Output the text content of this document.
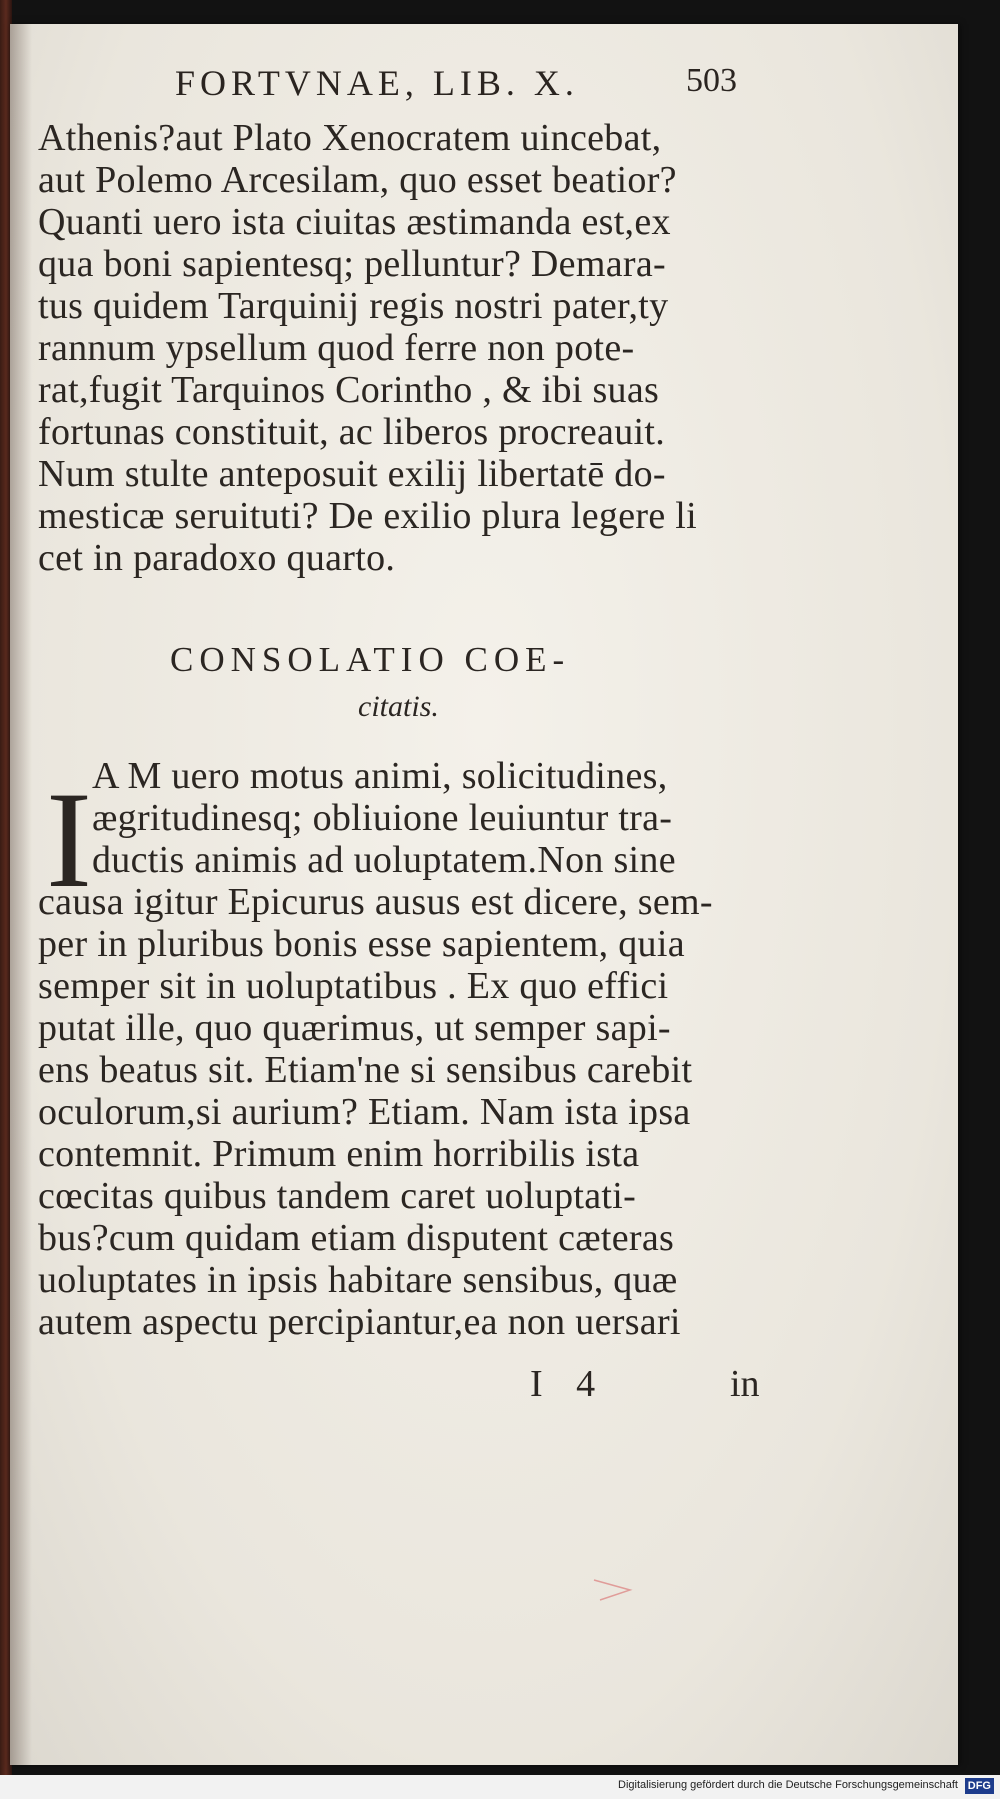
FORTVNAE, LIB. X.	503
Athenis?aut Plato Xenocratem uincebat,
aut Polemo Arcesilam, quo esset beatior?
Quanti uero ista ciuitas æstimanda est,ex
qua boni sapientesq; pelluntur? Demara-
tus quidem Tarquinij regis nostri pater,ty
rannum ypsellum quod ferre non pote-
rat,fugit Tarquinos Corintho , & ibi suas
fortunas constituit, ac liberos procreauit.
Num stulte anteposuit exilij libertatē do-
mesticæ seruituti? De exilio plura legere li
cet in paradoxo quarto.
CONSOLATIO COE-
citatis.
I A M uero motus animi, solicitudines,
ægritudinesq; obliuione leuiuntur tra-
ductis animis ad uoluptatem.Non sine
causa igitur Epicurus ausus est dicere, sem-
per in pluribus bonis esse sapientem, quia
semper sit in uoluptatibus . Ex quo effici
putat ille, quo quærimus, ut semper sapi-
ens beatus sit. Etiam'ne si sensibus carebit
oculorum,si aurium? Etiam. Nam ista ipsa
contemnit. Primum enim horribilis ista
cœcitas quibus tandem caret uoluptati-
bus?cum quidam etiam disputent cæteras
uoluptates in ipsis habitare sensibus, quæ
autem aspectu percipiantur,ea non uersari
I 4	in
Digitalisierung gefördert durch die Deutsche Forschungsgemeinschaft DFG
